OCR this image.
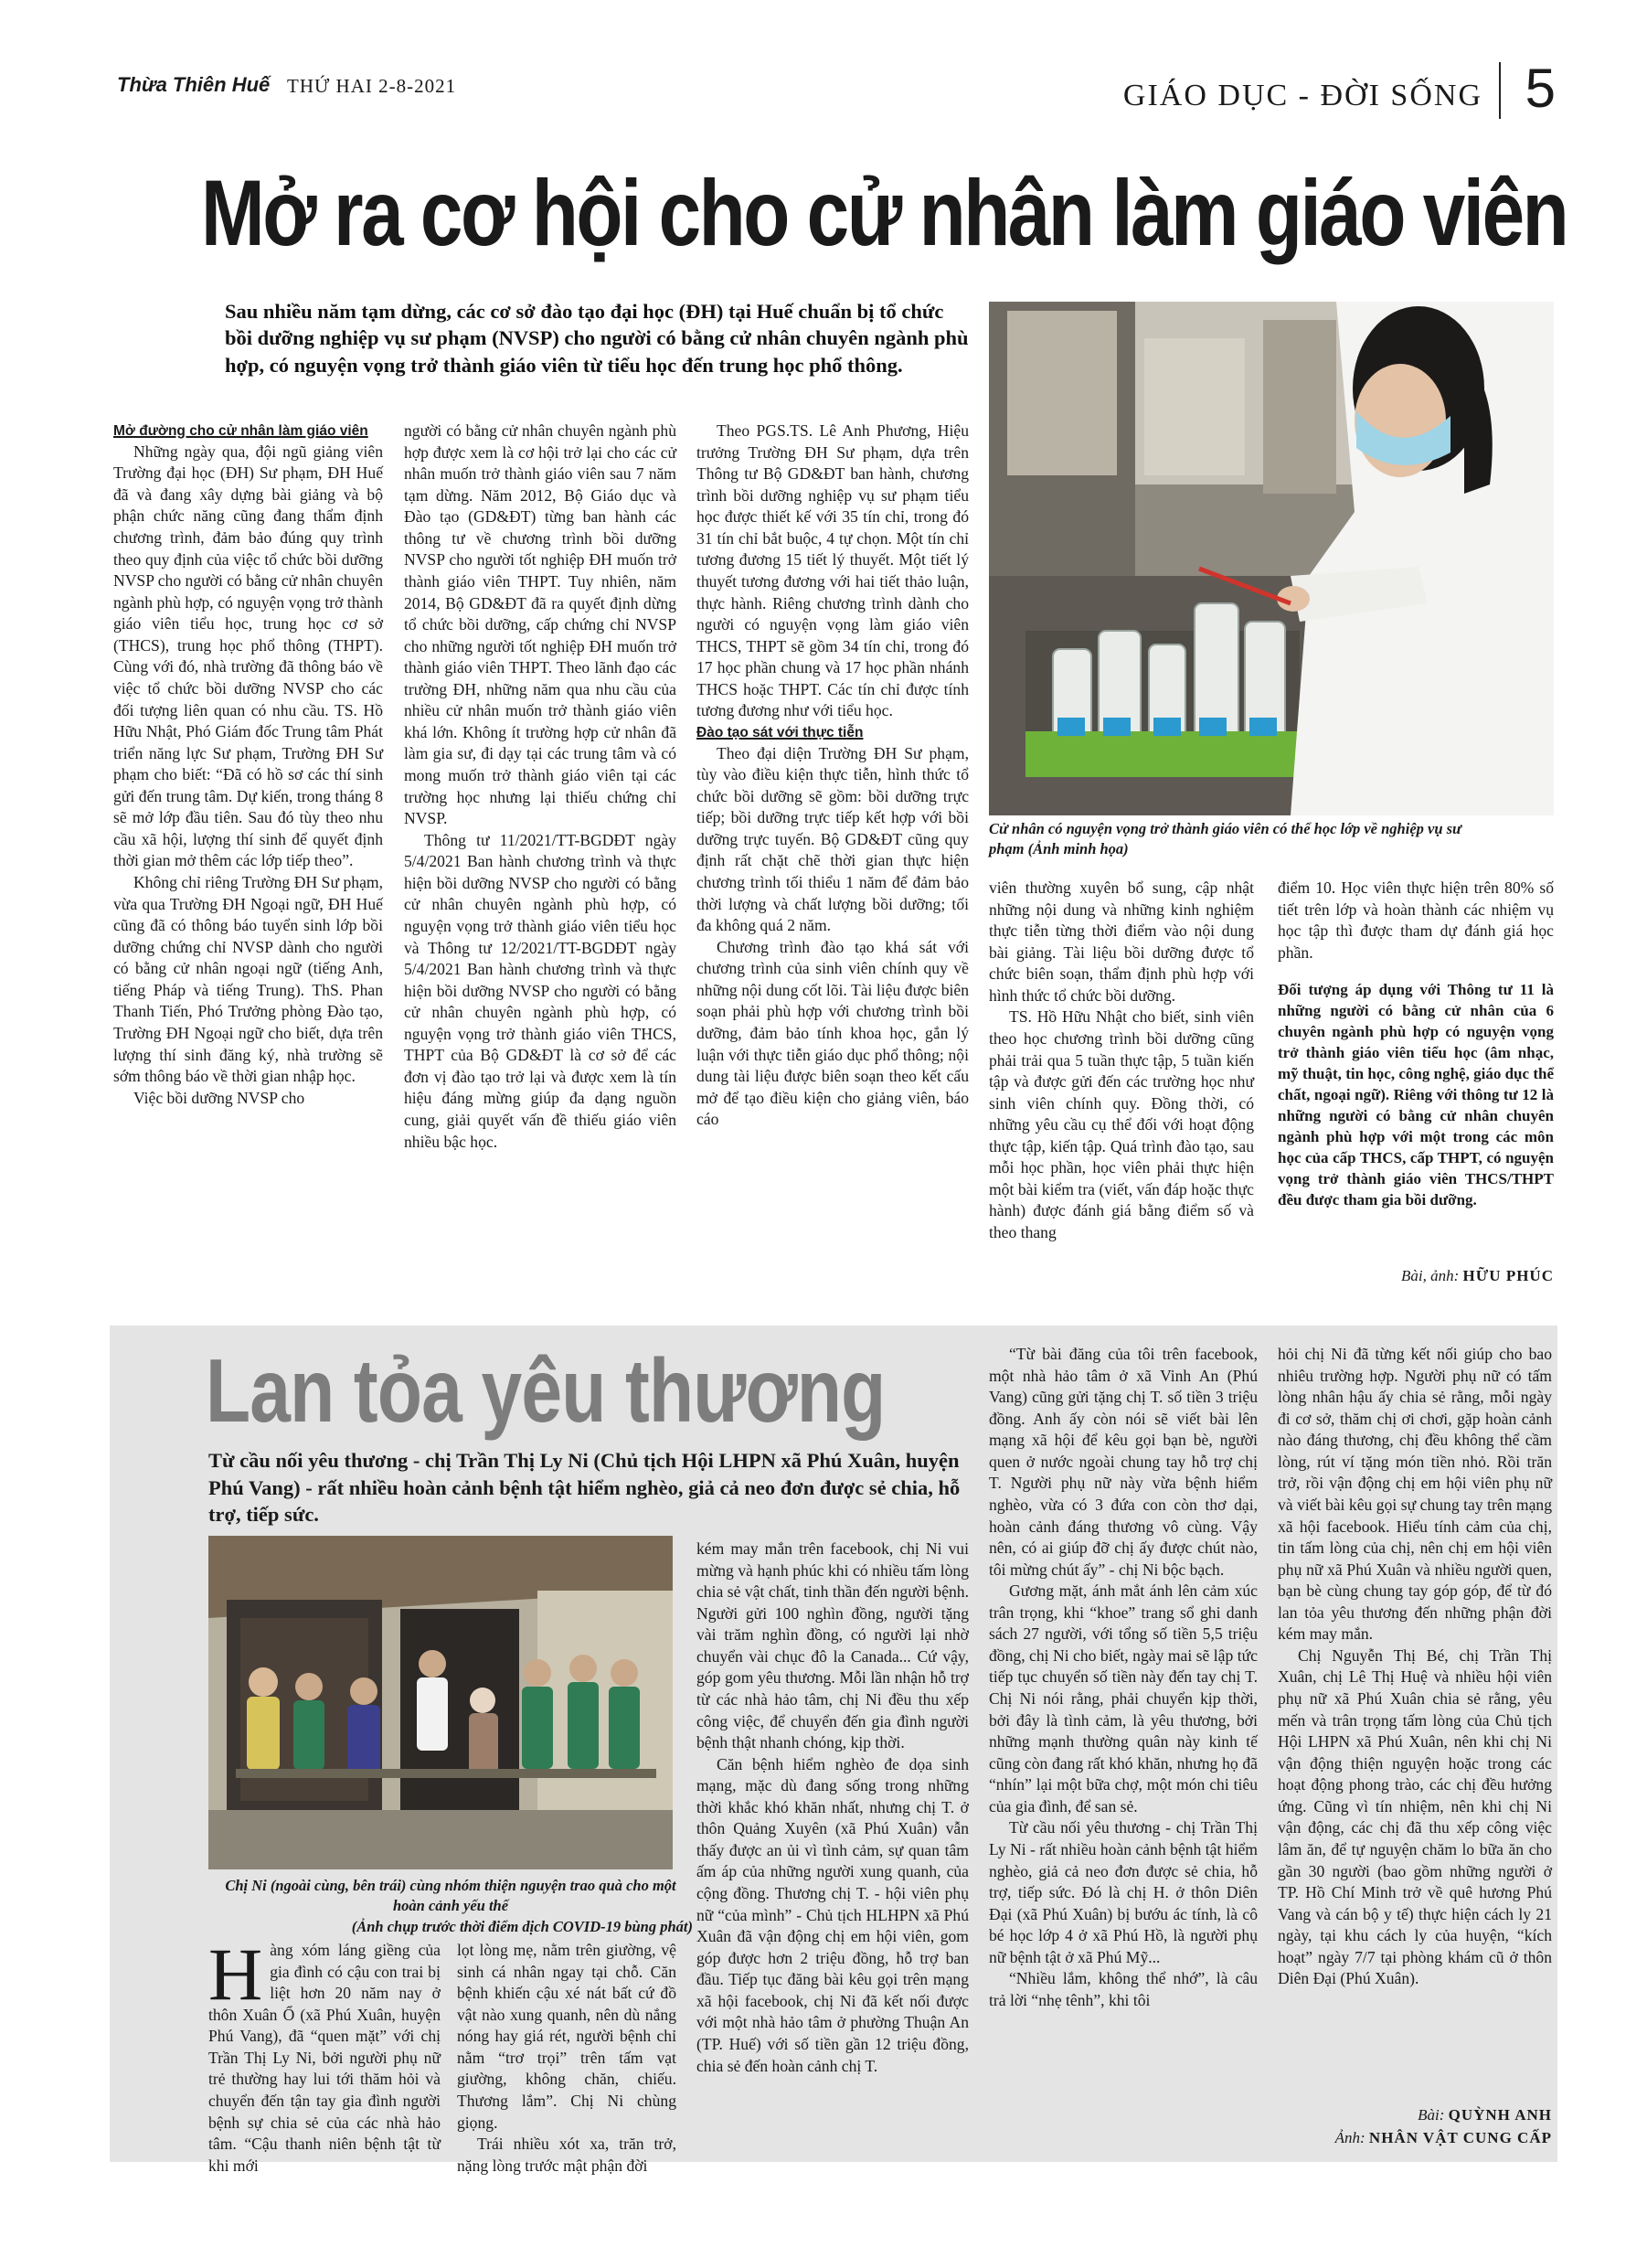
Thừa Thiên Huế THỨ HAI 2-8-2021	GIÁO DỤC - ĐỜI SỐNG 5
Mở ra cơ hội cho cử nhân làm giáo viên
Sau nhiều năm tạm dừng, các cơ sở đào tạo đại học (ĐH) tại Huế chuẩn bị tổ chức bồi dưỡng nghiệp vụ sư phạm (NVSP) cho người có bằng cử nhân chuyên ngành phù hợp, có nguyện vọng trở thành giáo viên từ tiểu học đến trung học phổ thông.
Cử nhân có nguyện vọng trở thành giáo viên có thể học lớp về nghiệp vụ sư phạm (Ảnh minh họa)

Mở đường cho cử nhân làm giáo viên

Những ngày qua, đội ngũ giảng viên Trường đại học (ĐH) Sư phạm, ĐH Huế đã và đang xây dựng bài giảng và bộ phận chức năng cũng đang thẩm định chương trình, đảm bảo đúng quy trình theo quy định của việc tổ chức bồi dưỡng NVSP cho người có bằng cử nhân chuyên ngành phù hợp, có nguyện vọng trở thành giáo viên tiểu học, trung học cơ sở (THCS), trung học phổ thông (THPT). Cùng với đó, nhà trường đã thông báo về việc tổ chức bồi dưỡng NVSP cho các đối tượng liên quan có nhu cầu. TS. Hồ Hữu Nhật, Phó Giám đốc Trung tâm Phát triển năng lực Sư phạm, Trường ĐH Sư phạm cho biết: “Đã có hồ sơ các thí sinh gửi đến trung tâm. Dự kiến, trong tháng 8 sẽ mở lớp đầu tiên. Sau đó tùy theo nhu cầu xã hội, lượng thí sinh để quyết định thời gian mở thêm các lớp tiếp theo”.

Không chỉ riêng Trường ĐH Sư phạm, vừa qua Trường ĐH Ngoại ngữ, ĐH Huế cũng đã có thông báo tuyển sinh lớp bồi dưỡng chứng chỉ NVSP dành cho người có bằng cử nhân ngoại ngữ (tiếng Anh, tiếng Pháp và tiếng Trung). ThS. Phan Thanh Tiến, Phó Trưởng phòng Đào tạo, Trường ĐH Ngoại ngữ cho biết, dựa trên lượng thí sinh đăng ký, nhà trường sẽ sớm thông báo về thời gian nhập học.

Việc bồi dưỡng NVSP cho

người có bằng cử nhân chuyên ngành phù hợp được xem là cơ hội trở lại cho các cử nhân muốn trở thành giáo viên sau 7 năm tạm dừng. Năm 2012, Bộ Giáo dục và Đào tạo (GD&ĐT) từng ban hành các thông tư về chương trình bồi dưỡng NVSP cho người tốt nghiệp ĐH muốn trở thành giáo viên THPT. Tuy nhiên, năm 2014, Bộ GD&ĐT đã ra quyết định dừng tổ chức bồi dưỡng, cấp chứng chỉ NVSP cho những người tốt nghiệp ĐH muốn trở thành giáo viên THPT. Theo lãnh đạo các trường ĐH, những năm qua nhu cầu của nhiều cử nhân muốn trở thành giáo viên khá lớn. Không ít trường hợp cử nhân đã làm gia sư, đi dạy tại các trung tâm và có mong muốn trở thành giáo viên tại các trường học nhưng lại thiếu chứng chỉ NVSP.

Thông tư 11/2021/TT-BGDĐT ngày 5/4/2021 Ban hành chương trình và thực hiện bồi dưỡng NVSP cho người có bằng cử nhân chuyên ngành phù hợp, có nguyện vọng trở thành giáo viên tiểu học và Thông tư 12/2021/TT-BGDĐT ngày 5/4/2021 Ban hành chương trình và thực hiện bồi dưỡng NVSP cho người có bằng cử nhân chuyên ngành phù hợp, có nguyện vọng trở thành giáo viên THCS, THPT của Bộ GD&ĐT là cơ sở để các đơn vị đào tạo trở lại và được xem là tín hiệu đáng mừng giúp đa dạng nguồn cung, giải quyết vấn đề thiếu giáo viên nhiều bậc học.

Theo PGS.TS. Lê Anh Phương, Hiệu trưởng Trường ĐH Sư phạm, dựa trên Thông tư Bộ GD&ĐT ban hành, chương trình bồi dưỡng nghiệp vụ sư phạm tiểu học được thiết kế với 35 tín chỉ, trong đó 31 tín chỉ bắt buộc, 4 tự chọn. Một tín chỉ tương đương 15 tiết lý thuyết. Một tiết lý thuyết tương đương với hai tiết thảo luận, thực hành. Riêng chương trình dành cho người có nguyện vọng làm giáo viên THCS, THPT sẽ gồm 34 tín chỉ, trong đó 17 học phần chung và 17 học phần nhánh THCS hoặc THPT. Các tín chỉ được tính tương đương như với tiểu học.

Đào tạo sát với thực tiễn

Theo đại diện Trường ĐH Sư phạm, tùy vào điều kiện thực tiễn, hình thức tổ chức bồi dưỡng sẽ gồm: bồi dưỡng trực tiếp; bồi dưỡng trực tiếp kết hợp với bồi dưỡng trực tuyến. Bộ GD&ĐT cũng quy định rất chặt chẽ thời gian thực hiện chương trình tối thiểu 1 năm để đảm bảo thời lượng và chất lượng bồi dưỡng; tối đa không quá 2 năm.

Chương trình đào tạo khá sát với chương trình của sinh viên chính quy về những nội dung cốt lõi. Tài liệu được biên soạn phải phù hợp với chương trình bồi dưỡng, đảm bảo tính khoa học, gắn lý luận với thực tiễn giáo dục phổ thông; nội dung tài liệu được biên soạn theo kết cấu mở để tạo điều kiện cho giảng viên, báo cáo

viên thường xuyên bổ sung, cập nhật những nội dung và những kinh nghiệm thực tiễn từng thời điểm vào nội dung bài giảng. Tài liệu bồi dưỡng được tổ chức biên soạn, thẩm định phù hợp với hình thức tổ chức bồi dưỡng.

TS. Hồ Hữu Nhật cho biết, sinh viên theo học chương trình bồi dưỡng cũng phải trải qua 5 tuần thực tập, 5 tuần kiến tập và được gửi đến các trường học như sinh viên chính quy. Đồng thời, có những yêu cầu cụ thể đối với hoạt động thực tập, kiến tập. Quá trình đào tạo, sau mỗi học phần, học viên phải thực hiện một bài kiểm tra (viết, vấn đáp hoặc thực hành) được đánh giá bằng điểm số và theo thang

điểm 10. Học viên thực hiện trên 80% số tiết trên lớp và hoàn thành các nhiệm vụ học tập thì được tham dự đánh giá học phần.

Đối tượng áp dụng với Thông tư 11 là những người có bằng cử nhân của 6 chuyên ngành phù hợp có nguyện vọng trở thành giáo viên tiểu học (âm nhạc, mỹ thuật, tin học, công nghệ, giáo dục thể chất, ngoại ngữ). Riêng với thông tư 12 là những người có bằng cử nhân chuyên ngành phù hợp với một trong các môn học của cấp THCS, cấp THPT, có nguyện vọng trở thành giáo viên THCS/THPT đều được tham gia bồi dưỡng.

Bài, ảnh: HỮU PHÚC
Lan tỏa yêu thương
Từ cầu nối yêu thương - chị Trần Thị Ly Ni (Chủ tịch Hội LHPN xã Phú Xuân, huyện Phú Vang) - rất nhiều hoàn cảnh bệnh tật hiểm nghèo, giả cả neo đơn được sẻ chia, hỗ trợ, tiếp sức.
Chị Ni (ngoài cùng, bên trái) cùng nhóm thiện nguyện trao quà cho một hoàn cảnh yếu thế
(Ảnh chụp trước thời điểm dịch COVID-19 bùng phát)

Hàng xóm láng giềng của gia đình có cậu con trai bị liệt hơn 20 năm nay ở thôn Xuân Ổ (xã Phú Xuân, huyện Phú Vang), đã “quen mặt” với chị Trần Thị Ly Ni, bởi người phụ nữ trẻ thường hay lui tới thăm hỏi và chuyển đến tận tay gia đình người bệnh sự chia sẻ của các nhà hảo tâm. “Cậu thanh niên bệnh tật từ khi mới

lọt lòng mẹ, nằm trên giường, vệ sinh cá nhân ngay tại chỗ. Căn bệnh khiến cậu xé nát bất cứ đồ vật nào xung quanh, nên dù nắng nóng hay giá rét, người bệnh chỉ nằm “trơ trọi” trên tấm vạt giường, không chăn, chiếu. Thương lắm”. Chị Ni chùng giọng.

Trái nhiều xót xa, trăn trở, nặng lòng trước mật phận đời

kém may mắn trên facebook, chị Ni vui mừng và hạnh phúc khi có nhiều tấm lòng chia sẻ vật chất, tinh thần đến người bệnh. Người gửi 100 nghìn đồng, người tặng vài trăm nghìn đồng, có người lại nhờ chuyển vài chục đô la Canada... Cứ vậy, góp gom yêu thương. Mỗi lần nhận hỗ trợ từ các nhà hảo tâm, chị Ni đều thu xếp công việc, để chuyển đến gia đình người bệnh thật nhanh chóng, kịp thời.

Căn bệnh hiểm nghèo đe dọa sinh mạng, mặc dù đang sống trong những thời khắc khó khăn nhất, nhưng chị T. ở thôn Quảng Xuyên (xã Phú Xuân) vẫn thấy được an ủi vì tình cảm, sự quan tâm ấm áp của những người xung quanh, của cộng đồng. Thương chị T. - hội viên phụ nữ “của mình” - Chủ tịch HLHPN xã Phú Xuân đã vận động chị em hội viên, gom góp được hơn 2 triệu đồng, hỗ trợ ban đầu. Tiếp tục đăng bài kêu gọi trên mạng xã hội facebook, chị Ni đã kết nối được với một nhà hảo tâm ở phường Thuận An (TP. Huế) với số tiền gần 12 triệu đồng, chia sẻ đến hoàn cảnh chị T.

“Từ bài đăng của tôi trên facebook, một nhà hảo tâm ở xã Vinh An (Phú Vang) cũng gửi tặng chị T. số tiền 3 triệu đồng. Anh ấy còn nói sẽ viết bài lên mạng xã hội để kêu gọi bạn bè, người quen ở nước ngoài chung tay hỗ trợ chị T. Người phụ nữ này vừa bệnh hiểm nghèo, vừa có 3 đứa con còn thơ dại, hoàn cảnh đáng thương vô cùng. Vậy nên, có ai giúp đỡ chị ấy được chút nào, tôi mừng chút ấy” - chị Ni bộc bạch.

Gương mặt, ánh mắt ánh lên cảm xúc trân trọng, khi “khoe” trang sổ ghi danh sách 27 người, với tổng số tiền 5,5 triệu đồng, chị Ni cho biết, ngày mai sẽ lập tức tiếp tục chuyển số tiền này đến tay chị T. Chị Ni nói rằng, phải chuyển kịp thời, bởi đây là tình cảm, là yêu thương, bởi những mạnh thường quân này kinh tế cũng còn đang rất khó khăn, nhưng họ đã “nhín” lại một bữa chợ, một món chi tiêu của gia đình, để san sẻ.

Từ cầu nối yêu thương - chị Trần Thị Ly Ni - rất nhiều hoàn cảnh bệnh tật hiểm nghèo, giả cả neo đơn được sẻ chia, hỗ trợ, tiếp sức. Đó là chị H. ở thôn Diên Đại (xã Phú Xuân) bị bướu ác tính, là cô bé học lớp 4 ở xã Phú Hồ, là người phụ nữ bệnh tật ở xã Phú Mỹ...

“Nhiều lắm, không thể nhớ”, là câu trả lời “nhẹ tênh”, khi tôi

hỏi chị Ni đã từng kết nối giúp cho bao nhiêu trường hợp. Người phụ nữ có tấm lòng nhân hậu ấy chia sẻ rằng, mỗi ngày đi cơ sở, thăm chị ơi chơi, gặp hoàn cảnh nào đáng thương, chị đều không thể cầm lòng, rút ví tặng món tiền nhỏ. Rồi trăn trở, rồi vận động chị em hội viên phụ nữ và viết bài kêu gọi sự chung tay trên mạng xã hội facebook. Hiểu tính cảm của chị, tin tấm lòng của chị, nên chị em hội viên phụ nữ xã Phú Xuân và nhiều người quen, bạn bè cùng chung tay góp góp, để từ đó lan tỏa yêu thương đến những phận đời kém may mắn.

Chị Nguyễn Thị Bé, chị Trần Thị Xuân, chị Lê Thị Huệ và nhiều hội viên phụ nữ xã Phú Xuân chia sẻ rằng, yêu mến và trân trọng tấm lòng của Chủ tịch Hội LHPN xã Phú Xuân, nên khi chị Ni vận động thiện nguyện hoặc trong các hoạt động phong trào, các chị đều hưởng ứng. Cũng vì tín nhiệm, nên khi chị Ni vận động, các chị đã thu xếp công việc lâm ăn, để tự nguyện chăm lo bữa ăn cho gần 30 người (bao gồm những người ở TP. Hồ Chí Minh trở về quê hương Phú Vang và cán bộ y tế) thực hiện cách ly 21 ngày, tại khu cách ly của huyện, “kích hoạt” ngày 7/7 tại phòng khám cũ ở thôn Diên Đại (Phú Xuân).

Bài: QUỲNH ANH
Ảnh: NHÂN VẬT CUNG CẤP
